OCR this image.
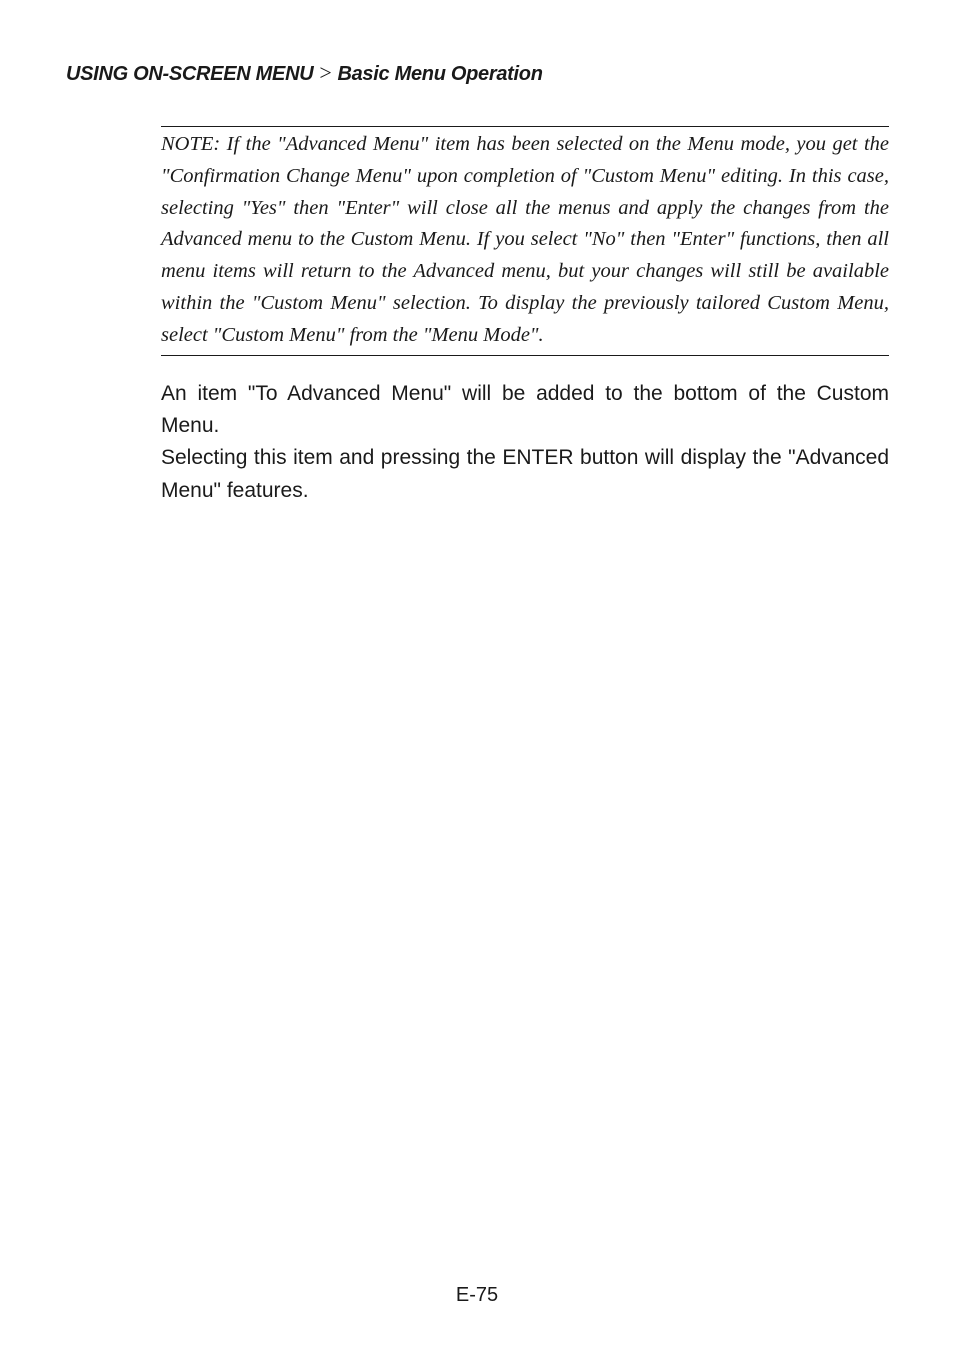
USING ON-SCREEN MENU > Basic Menu Operation
NOTE: If the "Advanced Menu" item has been selected on the Menu mode, you get the "Confirmation Change Menu" upon completion of "Custom Menu" editing. In this case, selecting "Yes" then "Enter" will close all the menus and apply the changes from the Advanced menu to the Custom Menu. If you select "No" then "Enter" functions, then all menu items will return to the Advanced menu, but your changes will still be available within the "Custom Menu" selection. To display the previously tailored Custom Menu, select "Custom Menu" from the "Menu Mode".

An item "To Advanced Menu" will be added to the bottom of the Custom Menu.

Selecting this item and pressing the ENTER button will display the "Advanced Menu" features.

E-75
